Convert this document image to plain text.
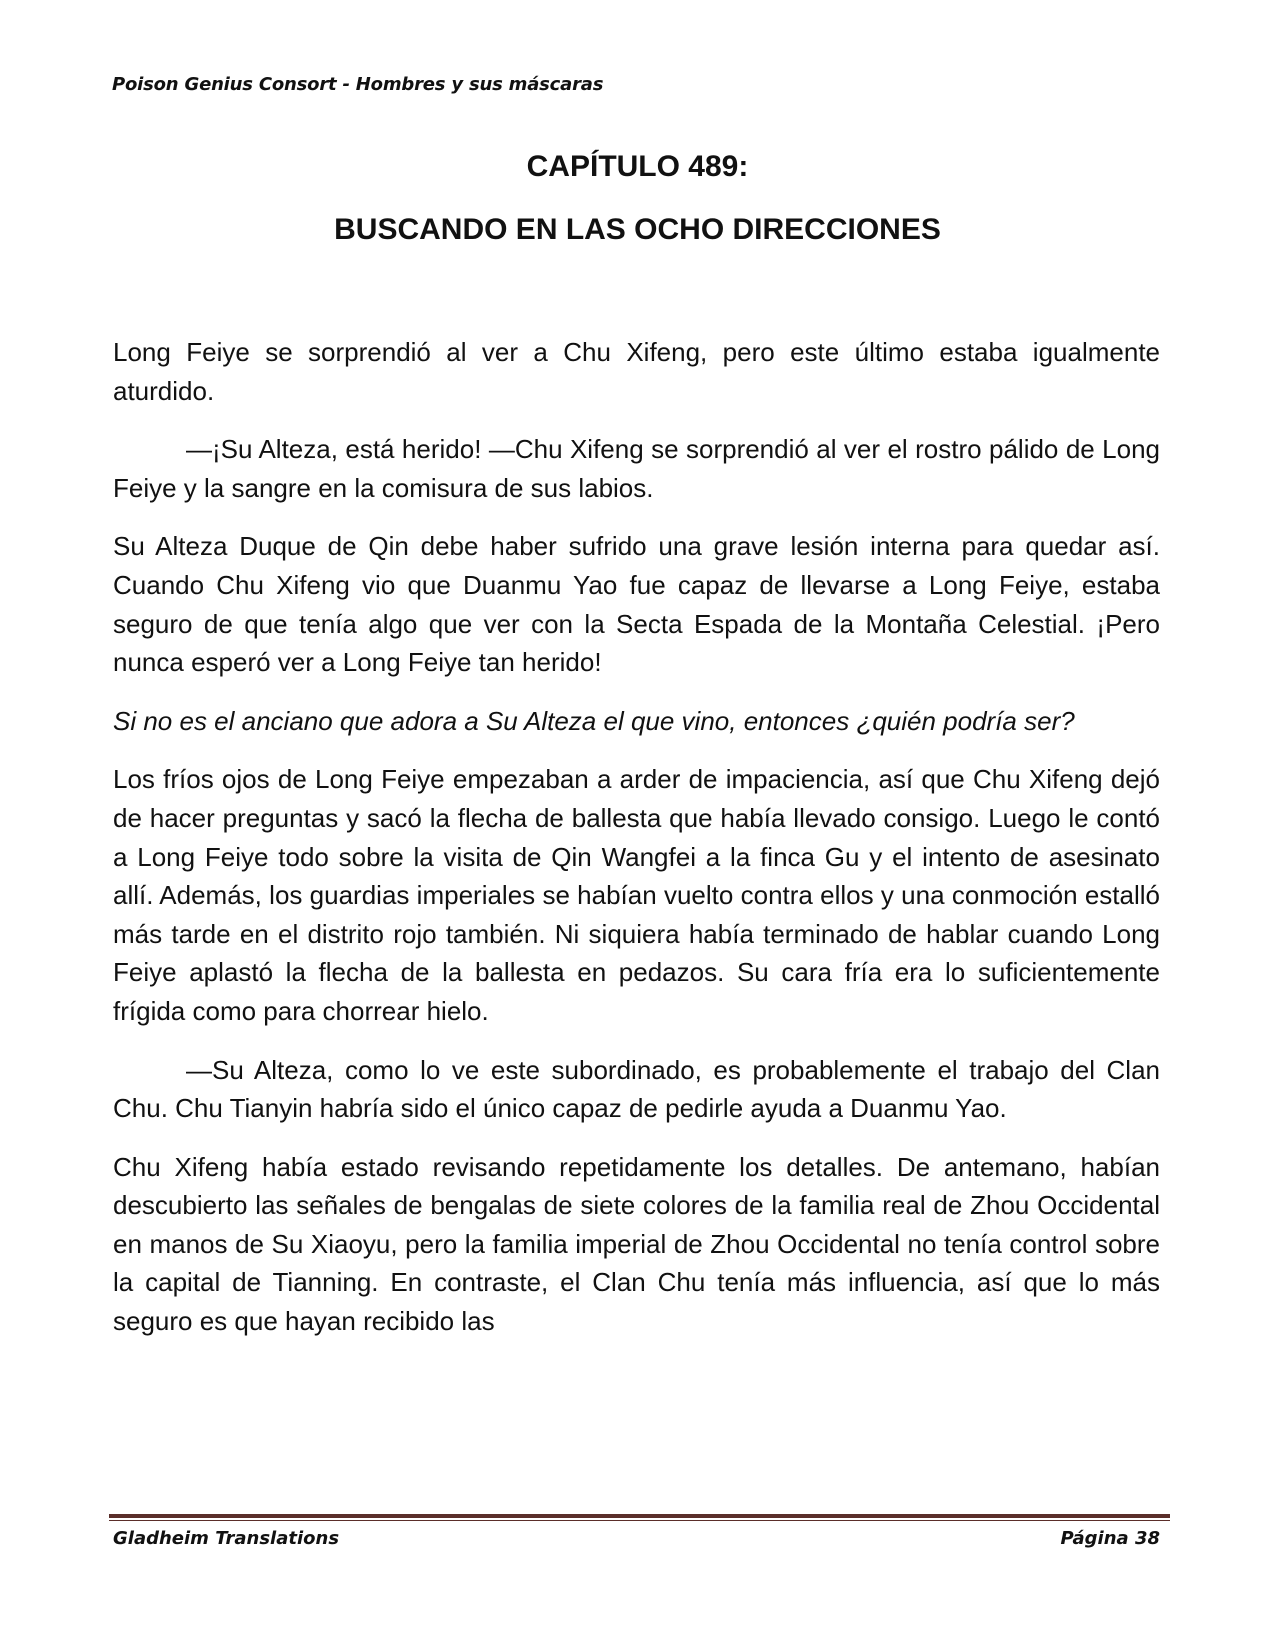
Poison Genius Consort - Hombres y sus máscaras
CAPÍTULO 489:
BUSCANDO EN LAS OCHO DIRECCIONES

Long Feiye se sorprendió al ver a Chu Xifeng, pero este último estaba igualmente aturdido.

—¡Su Alteza, está herido! —Chu Xifeng se sorprendió al ver el rostro pálido de Long Feiye y la sangre en la comisura de sus labios.

Su Alteza Duque de Qin debe haber sufrido una grave lesión interna para quedar así. Cuando Chu Xifeng vio que Duanmu Yao fue capaz de llevarse a Long Feiye, estaba seguro de que tenía algo que ver con la Secta Espada de la Montaña Celestial. ¡Pero nunca esperó ver a Long Feiye tan herido!

Si no es el anciano que adora a Su Alteza el que vino, entonces ¿quién podría ser?

Los fríos ojos de Long Feiye empezaban a arder de impaciencia, así que Chu Xifeng dejó de hacer preguntas y sacó la flecha de ballesta que había llevado consigo. Luego le contó a Long Feiye todo sobre la visita de Qin Wangfei a la finca Gu y el intento de asesinato allí. Además, los guardias imperiales se habían vuelto contra ellos y una conmoción estalló más tarde en el distrito rojo también. Ni siquiera había terminado de hablar cuando Long Feiye aplastó la flecha de la ballesta en pedazos. Su cara fría era lo suficientemente frígida como para chorrear hielo.

—Su Alteza, como lo ve este subordinado, es probablemente el trabajo del Clan Chu. Chu Tianyin habría sido el único capaz de pedirle ayuda a Duanmu Yao.

Chu Xifeng había estado revisando repetidamente los detalles. De antemano, habían descubierto las señales de bengalas de siete colores de la familia real de Zhou Occidental en manos de Su Xiaoyu, pero la familia imperial de Zhou Occidental no tenía control sobre la capital de Tianning. En contraste, el Clan Chu tenía más influencia, así que lo más seguro es que hayan recibido las

Gladheim Translations	Página 38
